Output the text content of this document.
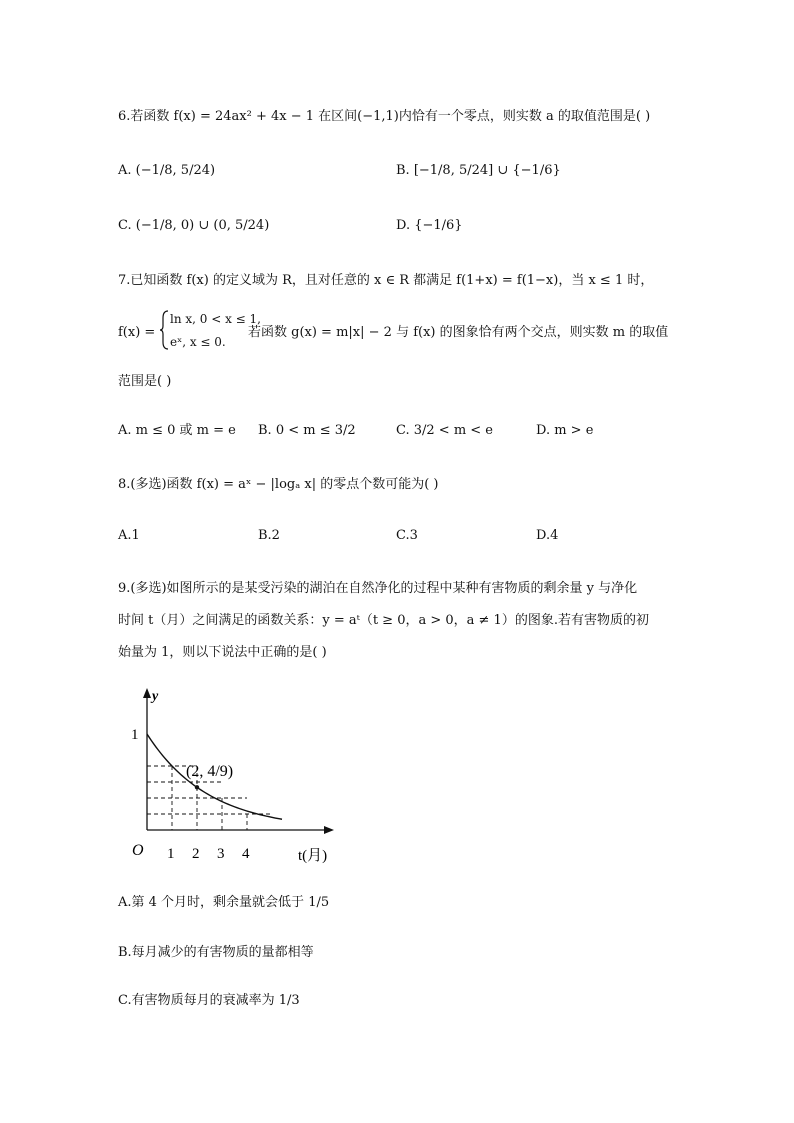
6.若函数 f(x) = 24ax² + 4x − 1 在区间(−1,1)内恰有一个零点，则实数 a 的取值范围是( )
A. (−1/8, 5/24)	B. [−1/8, 5/24] ∪ {−1/6}
C. (−1/8, 0) ∪ (0, 5/24)	D. {−1/6}
7.已知函数 f(x) 的定义域为 R，且对任意的 x ∈ R 都满足 f(1+x) = f(1−x)，当 x ≤ 1 时，
f(x) =
ln x, 0 < x ≤ 1,
eˣ, x ≤ 0.
若函数 g(x) = m|x| − 2 与 f(x) 的图象恰有两个交点，则实数 m 的取值
范围是( )
A. m ≤ 0 或 m = e B. 0 < m ≤ 3/2	C. 3/2 < m < e	D. m > e
8.(多选)函数 f(x) = aˣ − |logₐ x| 的零点个数可能为( )
A.1	B.2	C.3	D.4
9.(多选)如图所示的是某受污染的湖泊在自然净化的过程中某种有害物质的剩余量 y 与净化
时间 t（月）之间满足的函数关系：y = aᵗ（t ≥ 0，a > 0，a ≠ 1）的图象.若有害物质的初
始量为 1，则以下说法中正确的是( )
y
1
O 1 2 3 4	t(月)
(2, 4/9)
A.第 4 个月时，剩余量就会低于 1/5
B.每月减少的有害物质的量都相等
C.有害物质每月的衰减率为 1/3
